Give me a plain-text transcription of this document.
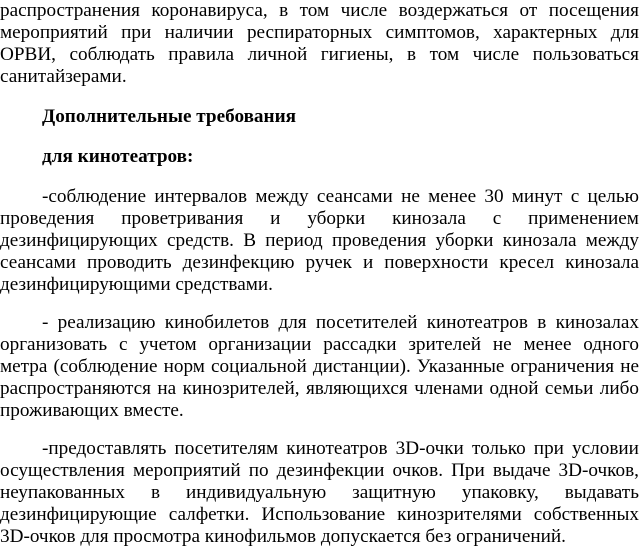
распространения коронавируса, в том числе воздержаться от посещения
мероприятий при наличии респираторных симптомов, характерных для
ОРВИ, соблюдать правила личной гигиены, в том числе пользоваться
санитайзерами.
Дополнительные требования
для кинотеатров:
-соблюдение интервалов между сеансами не менее 30 минут с целью
проведения проветривания и уборки кинозала с применением
дезинфицирующих средств. В период проведения уборки кинозала между
сеансами проводить дезинфекцию ручек и поверхности кресел кинозала
дезинфицирующими средствами.
- реализацию кинобилетов для посетителей кинотеатров в кинозалах
организовать с учетом организации рассадки зрителей не менее одного
метра (соблюдение норм социальной дистанции). Указанные ограничения не
распространяются на кинозрителей, являющихся членами одной семьи либо
проживающих вместе.
-предоставлять посетителям кинотеатров 3D-очки только при условии
осуществления мероприятий по дезинфекции очков. При выдаче 3D-очков,
неупакованных в индивидуальную защитную упаковку, выдавать
дезинфицирующие салфетки. Использование кинозрителями собственных
3D-очков для просмотра кинофильмов допускается без ограничений.
